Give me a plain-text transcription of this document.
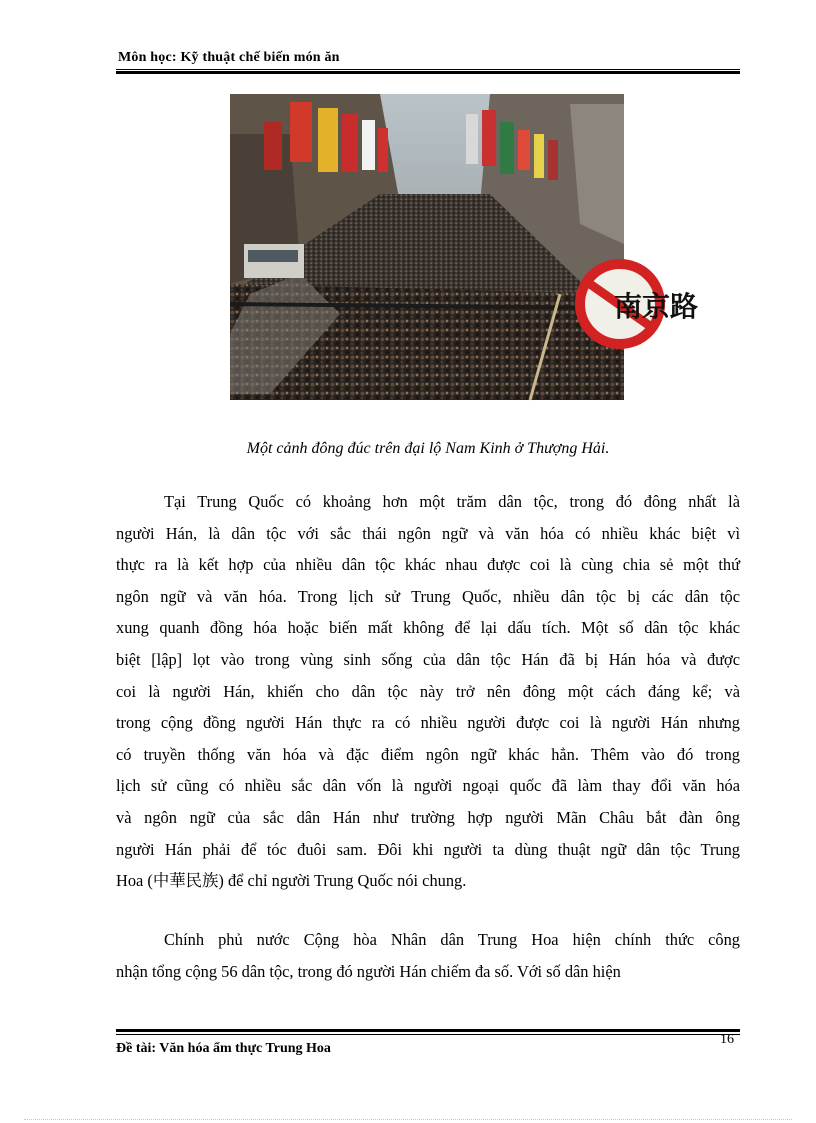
Môn học: Kỹ thuật chế biến món ăn
南京路
Một cảnh đông đúc trên đại lộ Nam Kinh ở Thượng Hải.
Tại Trung Quốc có khoảng hơn một trăm dân tộc, trong đó đông nhất là
người Hán, là dân tộc với sắc thái ngôn ngữ và văn hóa có nhiều khác biệt vì
thực ra là kết hợp của nhiều dân tộc khác nhau được coi là cùng chia sẻ một thứ
ngôn ngữ và văn hóa. Trong lịch sử Trung Quốc, nhiều dân tộc bị các dân tộc
xung quanh đồng hóa hoặc biến mất không để lại dấu tích. Một số dân tộc khác
biệt [lập] lọt vào trong vùng sinh sống của dân tộc Hán đã bị Hán hóa và được
coi là người Hán, khiến cho dân tộc này trở nên đông một cách đáng kể; và
trong cộng đồng người Hán thực ra có nhiều người được coi là người Hán nhưng
có truyền thống văn hóa và đặc điểm ngôn ngữ khác hẳn. Thêm vào đó trong
lịch sử cũng có nhiều sắc dân vốn là người ngoại quốc đã làm thay đổi văn hóa
và ngôn ngữ của sắc dân Hán như trường hợp người Mãn Châu bắt đàn ông
người Hán phải để tóc đuôi sam. Đôi khi người ta dùng thuật ngữ dân tộc Trung
Hoa (中華民族) để chỉ người Trung Quốc nói chung.
Chính phủ nước Cộng hòa Nhân dân Trung Hoa hiện chính thức công
nhận tổng cộng 56 dân tộc, trong đó người Hán chiếm đa số. Với số dân hiện
Đề tài: Văn hóa ẩm thực Trung Hoa
16
